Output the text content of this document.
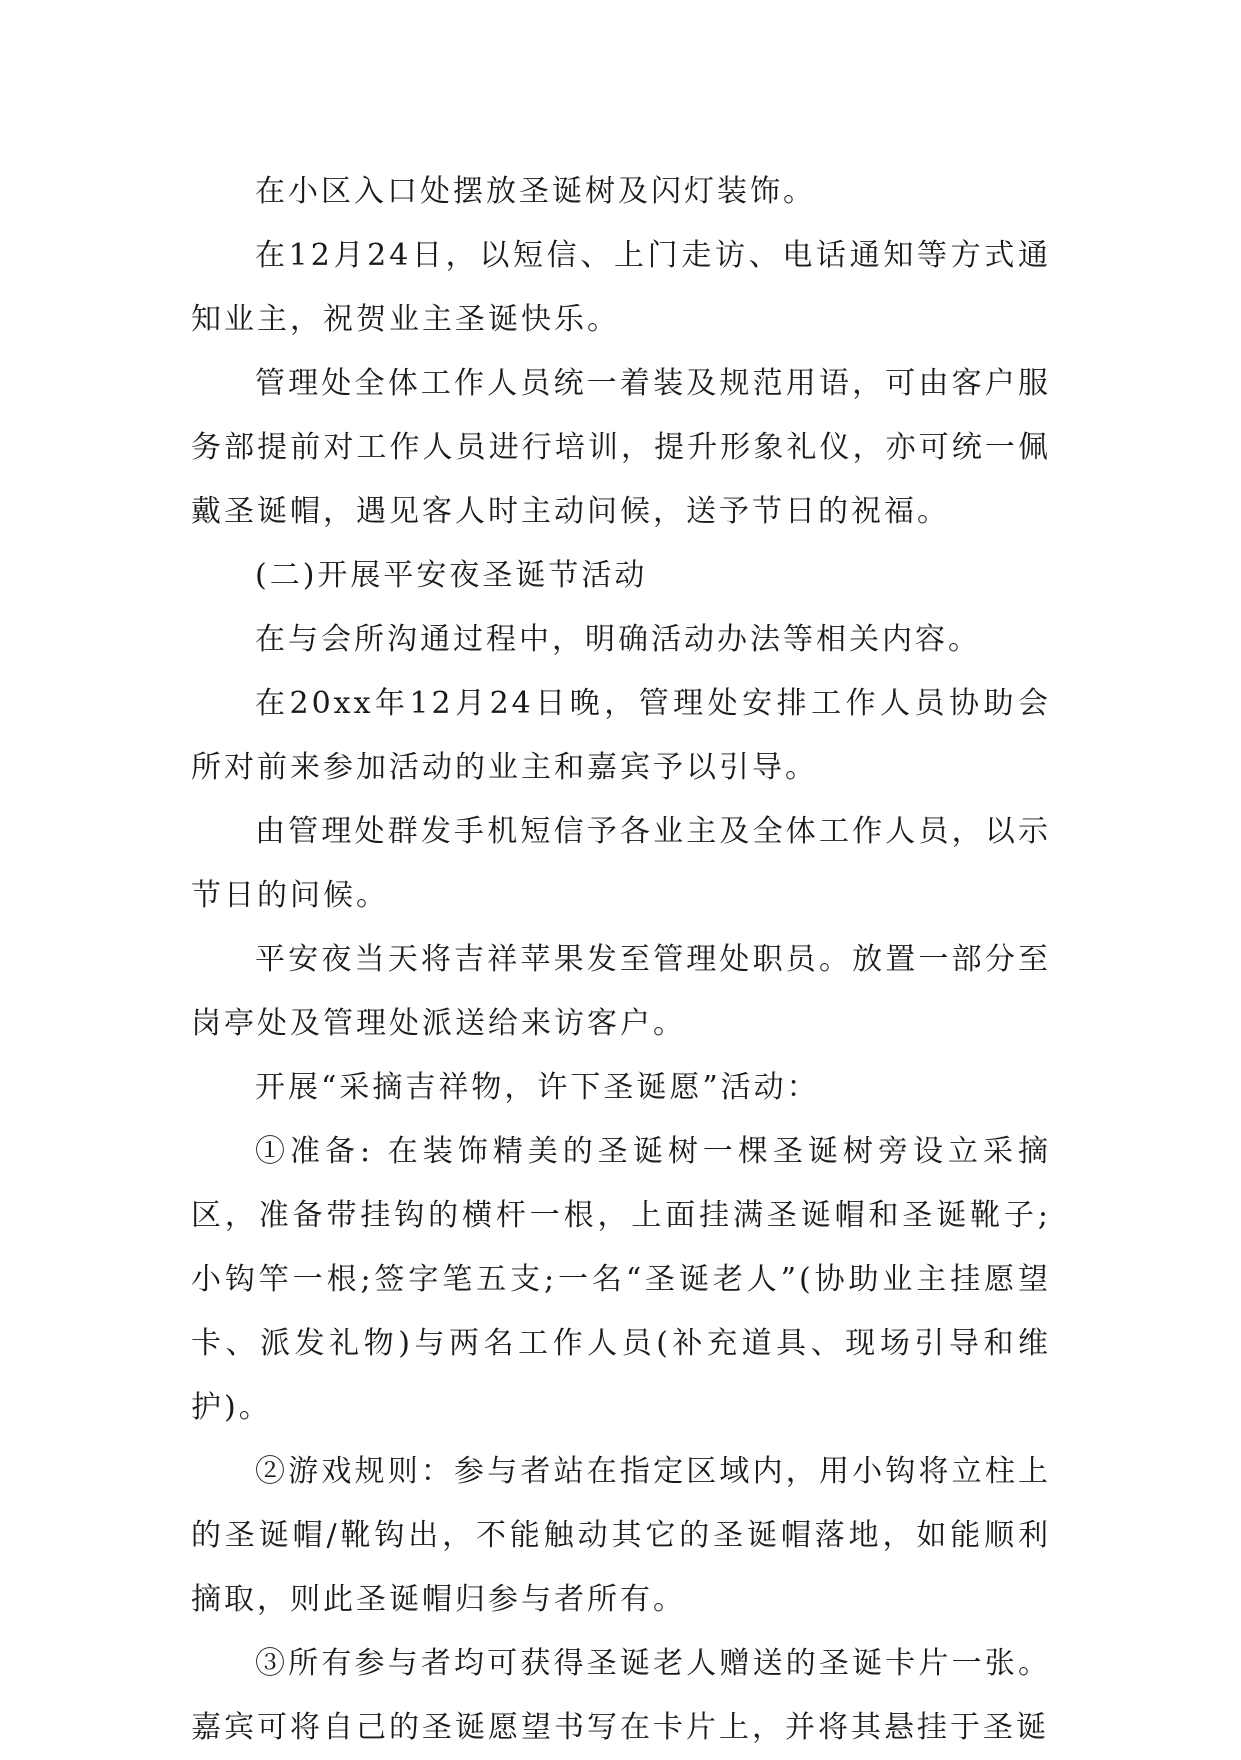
在小区入口处摆放圣诞树及闪灯装饰。

在12月24日，以短信、上门走访、电话通知等方式通知业主，祝贺业主圣诞快乐。

管理处全体工作人员统一着装及规范用语，可由客户服务部提前对工作人员进行培训，提升形象礼仪，亦可统一佩戴圣诞帽，遇见客人时主动问候，送予节日的祝福。

(二)开展平安夜圣诞节活动

在与会所沟通过程中，明确活动办法等相关内容。

在20xx年12月24日晚，管理处安排工作人员协助会所对前来参加活动的业主和嘉宾予以引导。

由管理处群发手机短信予各业主及全体工作人员，以示节日的问候。

平安夜当天将吉祥苹果发至管理处职员。放置一部分至岗亭处及管理处派送给来访客户。

开展“采摘吉祥物，许下圣诞愿”活动：

①准备: 在装饰精美的圣诞树一棵圣诞树旁设立采摘区，准备带挂钩的横杆一根，上面挂满圣诞帽和圣诞靴子;小钩竿一根;签字笔五支;一名“圣诞老人”(协助业主挂愿望卡、派发礼物)与两名工作人员(补充道具、现场引导和维护)。

②游戏规则：参与者站在指定区域内，用小钩将立柱上的圣诞帽/靴钩出，不能触动其它的圣诞帽落地，如能顺利摘取，则此圣诞帽归参与者所有。

③所有参与者均可获得圣诞老人赠送的圣诞卡片一张。嘉宾可将自己的圣诞愿望书写在卡片上，并将其悬挂于圣诞
